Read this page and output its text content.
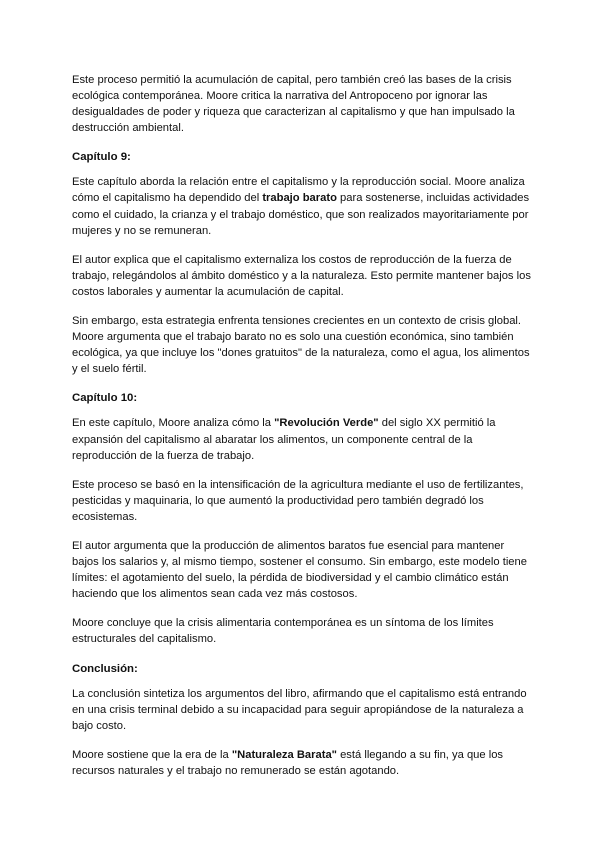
Este proceso permitió la acumulación de capital, pero también creó las bases de la crisis ecológica contemporánea. Moore critica la narrativa del Antropoceno por ignorar las desigualdades de poder y riqueza que caracterizan al capitalismo y que han impulsado la destrucción ambiental.

Capítulo 9:

Este capítulo aborda la relación entre el capitalismo y la reproducción social. Moore analiza cómo el capitalismo ha dependido del trabajo barato para sostenerse, incluidas actividades como el cuidado, la crianza y el trabajo doméstico, que son realizados mayoritariamente por mujeres y no se remuneran.

El autor explica que el capitalismo externaliza los costos de reproducción de la fuerza de trabajo, relegándolos al ámbito doméstico y a la naturaleza. Esto permite mantener bajos los costos laborales y aumentar la acumulación de capital.

Sin embargo, esta estrategia enfrenta tensiones crecientes en un contexto de crisis global. Moore argumenta que el trabajo barato no es solo una cuestión económica, sino también ecológica, ya que incluye los "dones gratuitos" de la naturaleza, como el agua, los alimentos y el suelo fértil.

Capítulo 10:

En este capítulo, Moore analiza cómo la "Revolución Verde" del siglo XX permitió la expansión del capitalismo al abaratar los alimentos, un componente central de la reproducción de la fuerza de trabajo.

Este proceso se basó en la intensificación de la agricultura mediante el uso de fertilizantes, pesticidas y maquinaria, lo que aumentó la productividad pero también degradó los ecosistemas.

El autor argumenta que la producción de alimentos baratos fue esencial para mantener bajos los salarios y, al mismo tiempo, sostener el consumo. Sin embargo, este modelo tiene límites: el agotamiento del suelo, la pérdida de biodiversidad y el cambio climático están haciendo que los alimentos sean cada vez más costosos.

Moore concluye que la crisis alimentaria contemporánea es un síntoma de los límites estructurales del capitalismo.

Conclusión:

La conclusión sintetiza los argumentos del libro, afirmando que el capitalismo está entrando en una crisis terminal debido a su incapacidad para seguir apropiándose de la naturaleza a bajo costo.

Moore sostiene que la era de la "Naturaleza Barata" está llegando a su fin, ya que los recursos naturales y el trabajo no remunerado se están agotando.
